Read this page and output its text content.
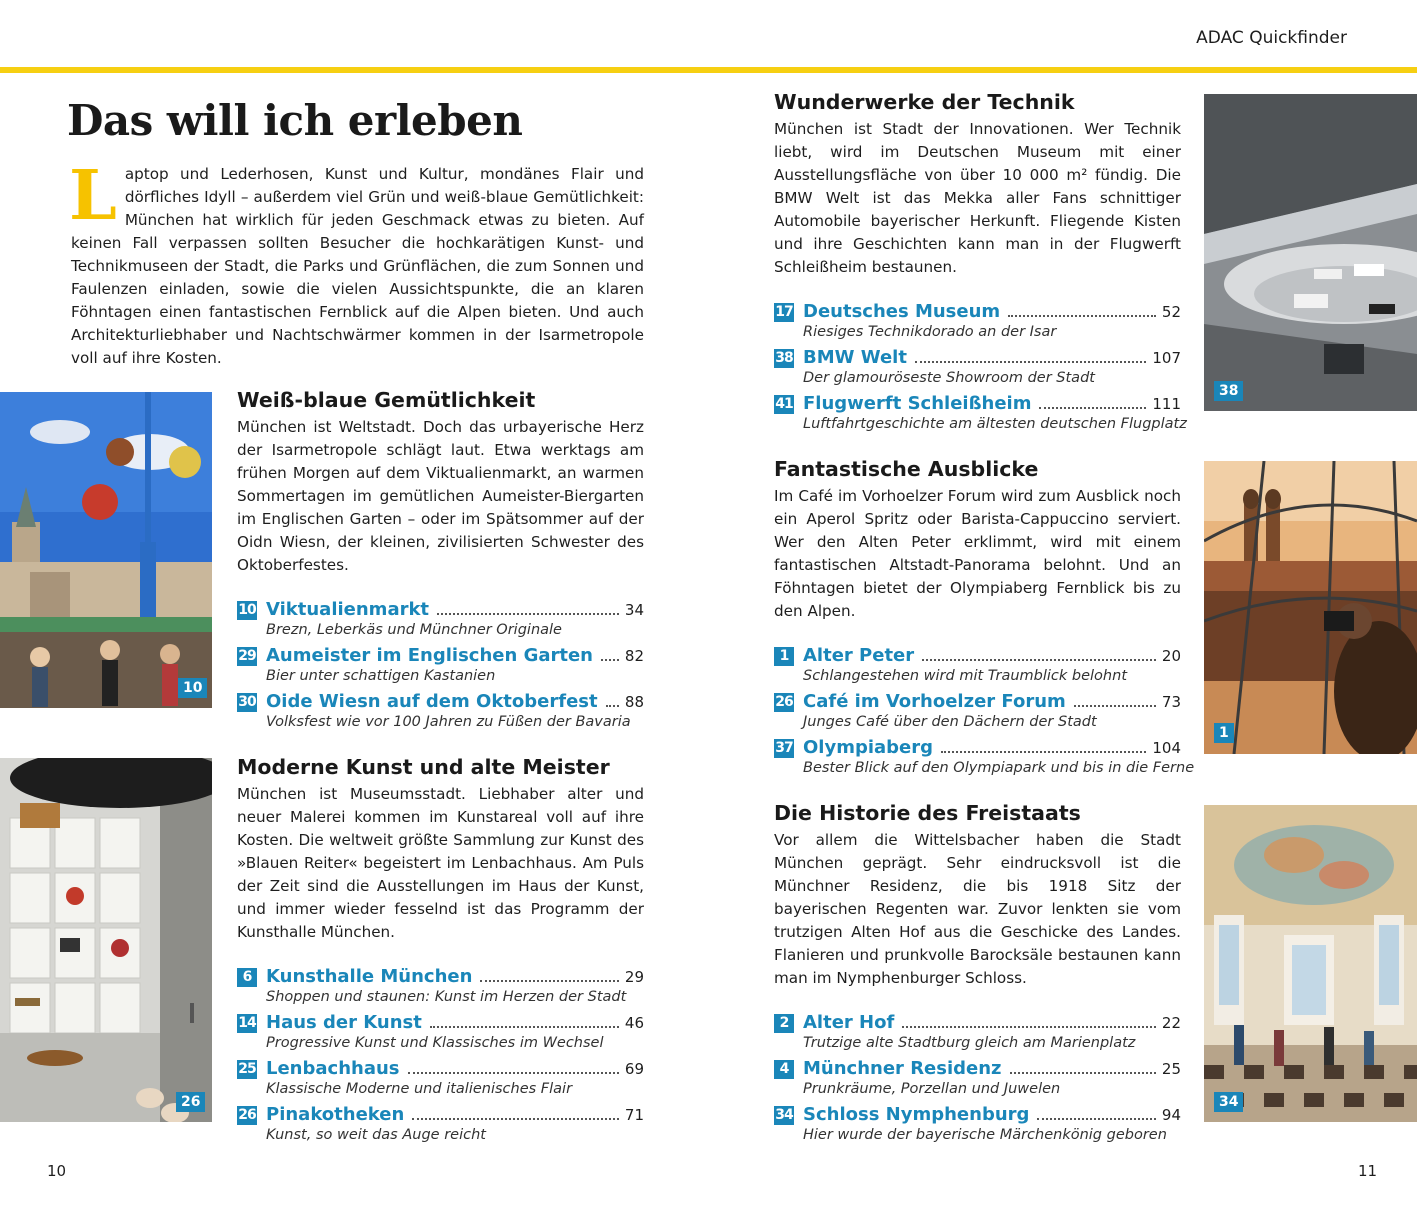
ADAC Quickfinder
Das will ich erleben
Laptop und Lederhosen, Kunst und Kultur, mondänes Flair und dörfliches Idyll – außerdem viel Grün und weiß-blaue Gemütlichkeit: München hat wirklich für jeden Geschmack etwas zu bieten. Auf keinen Fall verpassen sollten Besucher die hochkarätigen Kunst- und Technikmuseen der Stadt, die Parks und Grünflächen, die zum Sonnen und Faulenzen einladen, sowie die vielen Aussichtspunkte, die an klaren Föhntagen einen fantastischen Fernblick auf die Alpen bieten. Und auch Architekturliebhaber und Nachtschwärmer kommen in der Isarmetropole voll auf ihre Kosten.
10
26
38
1
34
Weiß-blaue Gemütlichkeit

München ist Weltstadt. Doch das urbayerische Herz der Isarmetropole schlägt laut. Etwa werktags am frühen Morgen auf dem Viktualienmarkt, an warmen Sommertagen im gemütlichen Aumeister-Biergarten im Englischen Garten – oder im Spätsommer auf der Oidn Wiesn, der kleinen, zivilisierten Schwester des Oktoberfestes.

10 Viktualienmarkt	34
Brezn, Leberkäs und Münchner Originale
29 Aumeister im Englischen Garten 82
Bier unter schattigen Kastanien
30 Oide Wiesn auf dem Oktoberfest 88
Volksfest wie vor 100 Jahren zu Füßen der Bavaria
Moderne Kunst und alte Meister

München ist Museumsstadt. Liebhaber alter und neuer Malerei kommen im Kunstareal voll auf ihre Kosten. Die weltweit größte Sammlung zur Kunst des »Blauen Reiter« begeistert im Lenbachhaus. Am Puls der Zeit sind die Ausstellungen im Haus der Kunst, und immer wieder fesselnd ist das Programm der Kunsthalle München.

6 Kunsthalle München	29
Shoppen und staunen: Kunst im Herzen der Stadt
14 Haus der Kunst	46
Progressive Kunst und Klassisches im Wechsel
25 Lenbachhaus	69
Klassische Moderne und italienisches Flair
26 Pinakotheken	71
Kunst, so weit das Auge reicht
Wunderwerke der Technik

München ist Stadt der Innovationen. Wer Technik liebt, wird im Deutschen Museum mit einer Ausstellungsfläche von über 10 000 m² fündig. Die BMW Welt ist das Mekka aller Fans schnittiger Automobile bayerischer Herkunft. Fliegende Kisten und ihre Geschichten kann man in der Flugwerft Schleißheim bestaunen.

17 Deutsches Museum	52
Riesiges Technikdorado an der Isar
38 BMW Welt	107
Der glamouröseste Showroom der Stadt
41 Flugwerft Schleißheim	111
Luftfahrtgeschichte am ältesten deutschen Flugplatz
Fantastische Ausblicke

Im Café im Vorhoelzer Forum wird zum Ausblick noch ein Aperol Spritz oder Barista-Cappuccino serviert. Wer den Alten Peter erklimmt, wird mit einem fantastischen Altstadt-Panorama belohnt. Und an Föhntagen bietet der Olympiaberg Fernblick bis zu den Alpen.

1 Alter Peter	20
Schlangestehen wird mit Traumblick belohnt
26 Café im Vorhoelzer Forum	73
Junges Café über den Dächern der Stadt
37 Olympiaberg	104
Bester Blick auf den Olympiapark und bis in die Ferne
Die Historie des Freistaats

Vor allem die Wittelsbacher haben die Stadt München geprägt. Sehr eindrucksvoll ist die Münchner Residenz, die bis 1918 Sitz der bayerischen Regenten war. Zuvor lenkten sie vom trutzigen Alten Hof aus die Geschicke des Landes. Flanieren und prunkvolle Barocksäle bestaunen kann man im Nymphenburger Schloss.

2 Alter Hof	22
Trutzige alte Stadtburg gleich am Marienplatz
4 Münchner Residenz	25
Prunkräume, Porzellan und Juwelen
34 Schloss Nymphenburg	94
Hier wurde der bayerische Märchenkönig geboren
10	11
